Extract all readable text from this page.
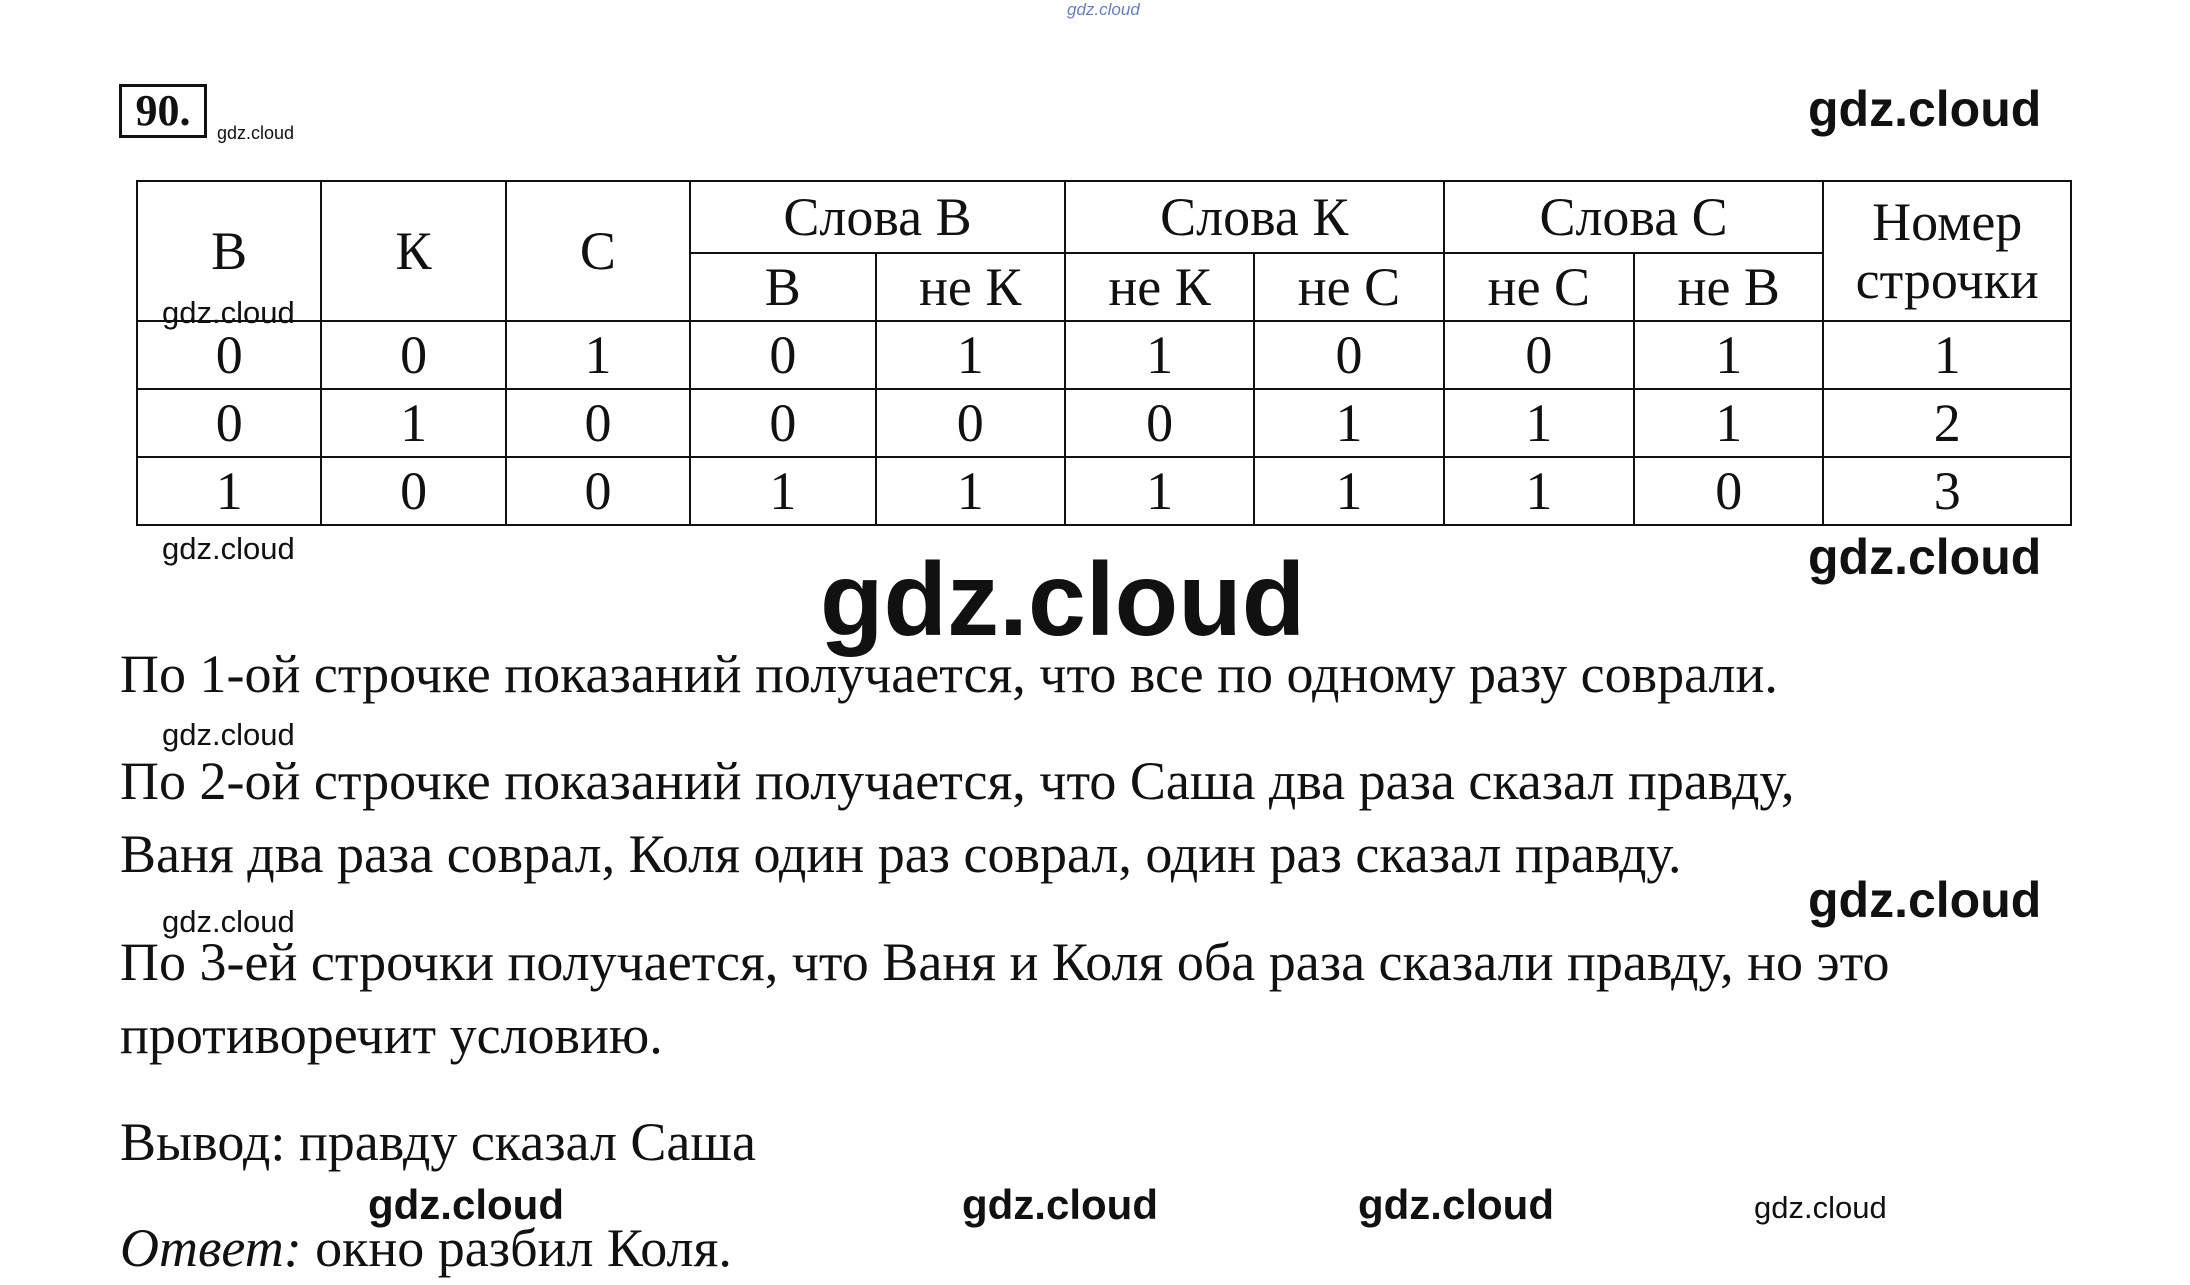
gdz.cloud
gdz.cloud	gdz.cloud
gdz.cloud
gdz.cloud	gdz.cloud
gdz.cloud
gdz.cloud
gdz.cloud
gdz.cloud
gdz.cloud	gdz.cloud	gdz.cloud	gdz.cloud
90.
В	К	С	Слова В		Слова К		Слова С		Номер
строчки

			В	не К	не К	не С	не С	не В	
0	0	1	0	1	1	0	0	1	1
0	1	0	0	0	0	1	1	1	2
1	0	0	1	1	1	1	1	0	3
По 1-ой строчке показаний получается, что все по одному разу соврали.
По 2-ой строчке показаний получается, что Саша два раза сказал правду,
Ваня два раза соврал, Коля один раз соврал, один раз сказал правду.
По 3-ей строчки получается, что Ваня и Коля оба раза сказали правду, но это
противоречит условию.
Вывод: правду сказал Саша
Ответ: окно разбил Коля.
